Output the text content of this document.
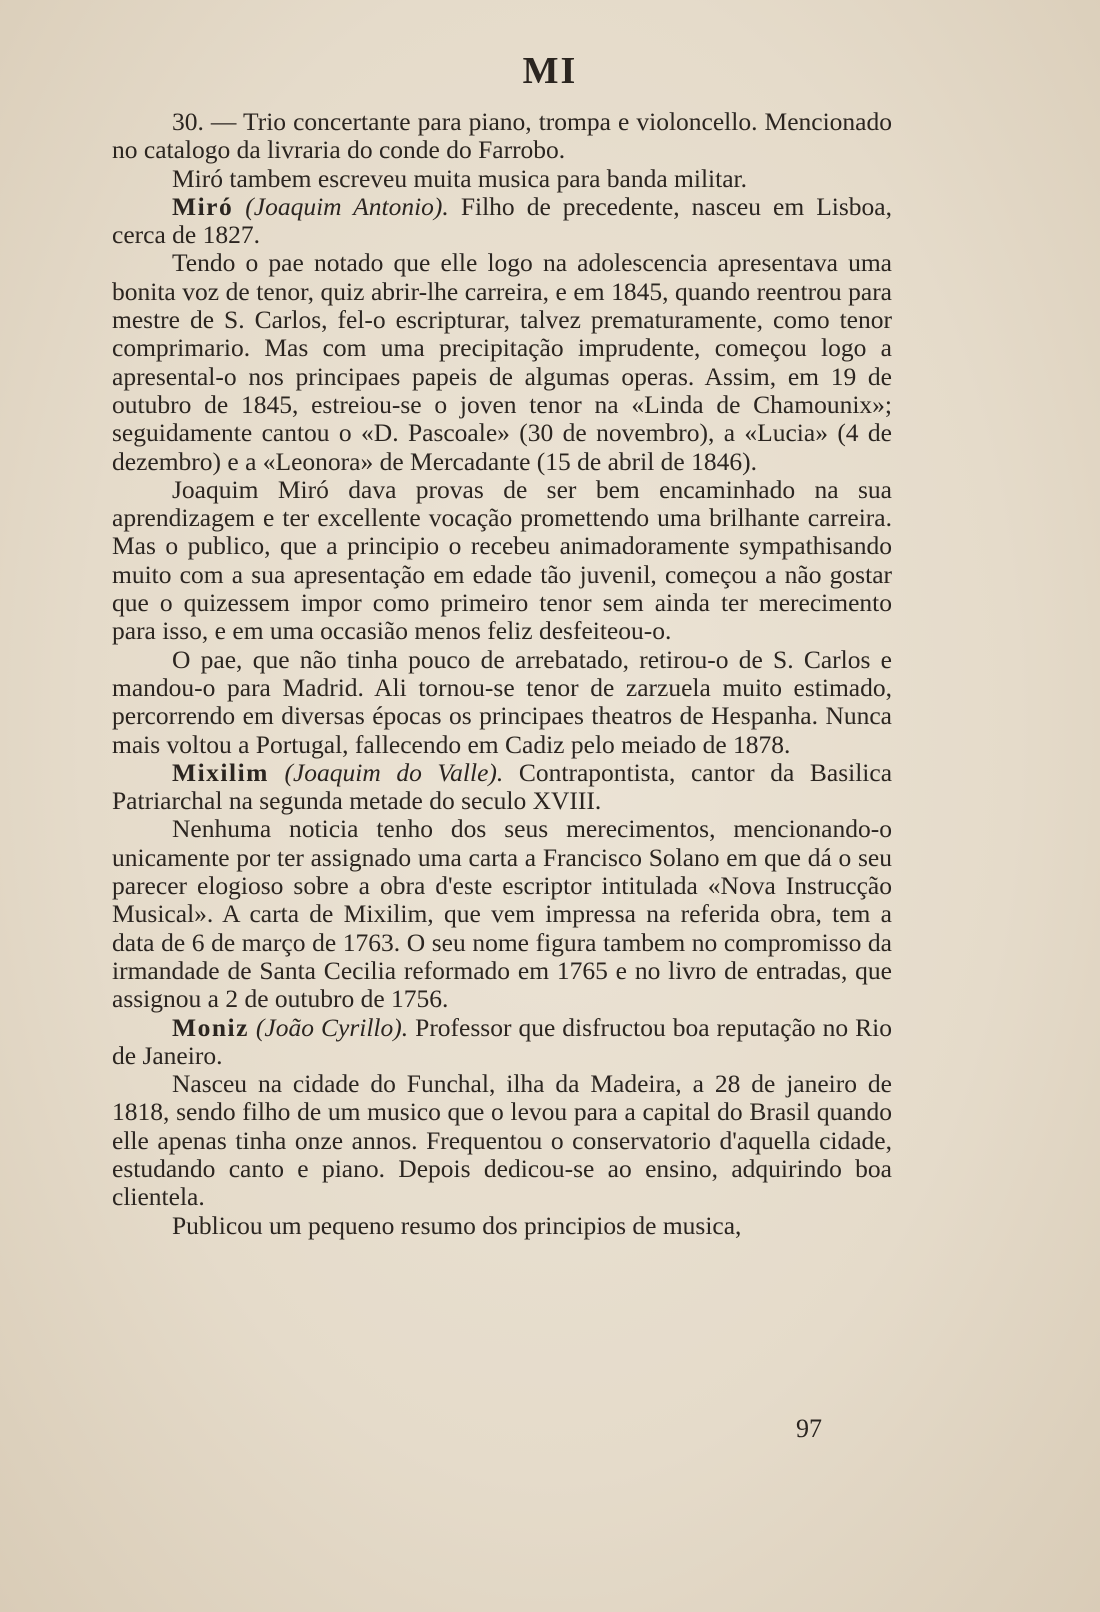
MI

30. — Trio concertante para piano, trompa e violoncello. Mencionado no catalogo da livraria do conde do Farrobo.

Miró tambem escreveu muita musica para banda militar.

Miró (Joaquim Antonio). Filho de precedente, nasceu em Lisboa, cerca de 1827.

Tendo o pae notado que elle logo na adolescencia apresentava uma bonita voz de tenor, quiz abrir-lhe carreira, e em 1845, quando reentrou para mestre de S. Carlos, fel-o escripturar, talvez prematuramente, como tenor comprimario. Mas com uma precipitação imprudente, começou logo a apresental-o nos principaes papeis de algumas operas. Assim, em 19 de outubro de 1845, estreiou-se o joven tenor na «Linda de Chamounix»; seguidamente cantou o «D. Pascoale» (30 de novembro), a «Lucia» (4 de dezembro) e a «Leonora» de Mercadante (15 de abril de 1846).

Joaquim Miró dava provas de ser bem encaminhado na sua aprendizagem e ter excellente vocação promettendo uma brilhante carreira. Mas o publico, que a principio o recebeu animadoramente sympathisando muito com a sua apresentação em edade tão juvenil, começou a não gostar que o quizessem impor como primeiro tenor sem ainda ter merecimento para isso, e em uma occasião menos feliz desfeiteou-o.

O pae, que não tinha pouco de arrebatado, retirou-o de S. Carlos e mandou-o para Madrid. Ali tornou-se tenor de zarzuela muito estimado, percorrendo em diversas épocas os principaes theatros de Hespanha. Nunca mais voltou a Portugal, fallecendo em Cadiz pelo meiado de 1878.

Mixilim (Joaquim do Valle). Contrapontista, cantor da Basilica Patriarchal na segunda metade do seculo XVIII.

Nenhuma noticia tenho dos seus merecimentos, mencionando-o unicamente por ter assignado uma carta a Francisco Solano em que dá o seu parecer elogioso sobre a obra d'este escriptor intitulada «Nova Instrucção Musical». A carta de Mixilim, que vem impressa na referida obra, tem a data de 6 de março de 1763. O seu nome figura tambem no compromisso da irmandade de Santa Cecilia reformado em 1765 e no livro de entradas, que assignou a 2 de outubro de 1756.

Moniz (João Cyrillo). Professor que disfructou boa reputação no Rio de Janeiro.

Nasceu na cidade do Funchal, ilha da Madeira, a 28 de janeiro de 1818, sendo filho de um musico que o levou para a capital do Brasil quando elle apenas tinha onze annos. Frequentou o conservatorio d'aquella cidade, estudando canto e piano. Depois dedicou-se ao ensino, adquirindo boa clientela.

Publicou um pequeno resumo dos principios de musica,

97
